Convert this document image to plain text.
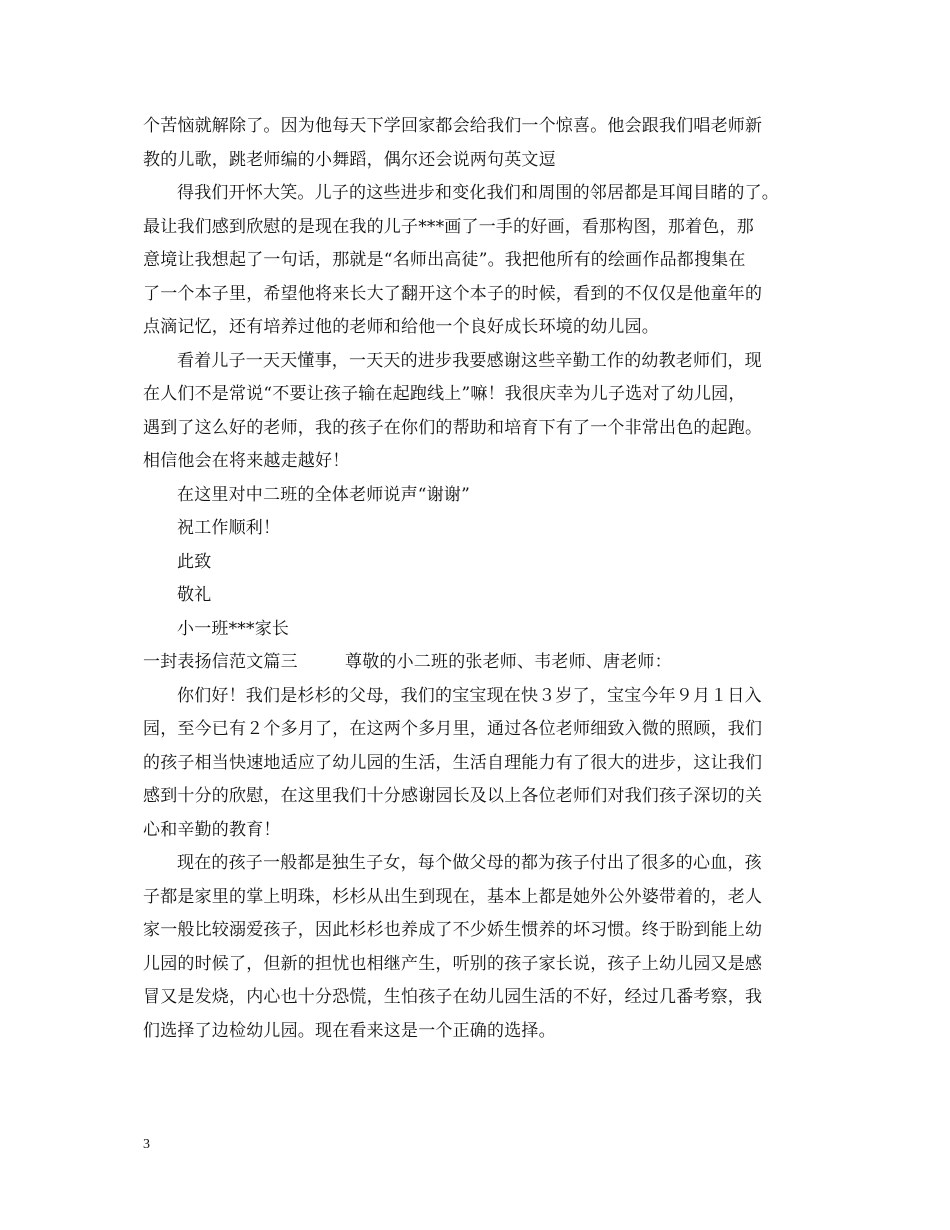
个苦恼就解除了。因为他每天下学回家都会给我们一个惊喜。他会跟我们唱老师新
教的儿歌，跳老师编的小舞蹈，偶尔还会说两句英文逗
得我们开怀大笑。儿子的这些进步和变化我们和周围的邻居都是耳闻目睹的了。
最让我们感到欣慰的是现在我的儿子***画了一手的好画，看那构图，那着色，那
意境让我想起了一句话，那就是“名师出高徒”。我把他所有的绘画作品都搜集在
了一个本子里，希望他将来长大了翻开这个本子的时候，看到的不仅仅是他童年的
点滴记忆，还有培养过他的老师和给他一个良好成长环境的幼儿园。
看着儿子一天天懂事，一天天的进步我要感谢这些辛勤工作的幼教老师们，现
在人们不是常说“不要让孩子输在起跑线上”嘛！我很庆幸为儿子选对了幼儿园，
遇到了这么好的老师，我的孩子在你们的帮助和培育下有了一个非常出色的起跑。
相信他会在将来越走越好！
在这里对中二班的全体老师说声“谢谢”
祝工作顺利！
此致
敬礼
小一班***家长
一封表扬信范文篇三	尊敬的小二班的张老师、韦老师、唐老师：
你们好！我们是杉杉的父母，我们的宝宝现在快３岁了，宝宝今年９月１日入
园，至今已有２个多月了，在这两个多月里，通过各位老师细致入微的照顾，我们
的孩子相当快速地适应了幼儿园的生活，生活自理能力有了很大的进步，这让我们
感到十分的欣慰，在这里我们十分感谢园长及以上各位老师们对我们孩子深切的关
心和辛勤的教育！
现在的孩子一般都是独生子女，每个做父母的都为孩子付出了很多的心血，孩
子都是家里的掌上明珠，杉杉从出生到现在，基本上都是她外公外婆带着的，老人
家一般比较溺爱孩子，因此杉杉也养成了不少娇生惯养的坏习惯。终于盼到能上幼
儿园的时候了，但新的担忧也相继产生，听别的孩子家长说，孩子上幼儿园又是感
冒又是发烧，内心也十分恐慌，生怕孩子在幼儿园生活的不好，经过几番考察，我
们选择了边检幼儿园。现在看来这是一个正确的选择。
3
